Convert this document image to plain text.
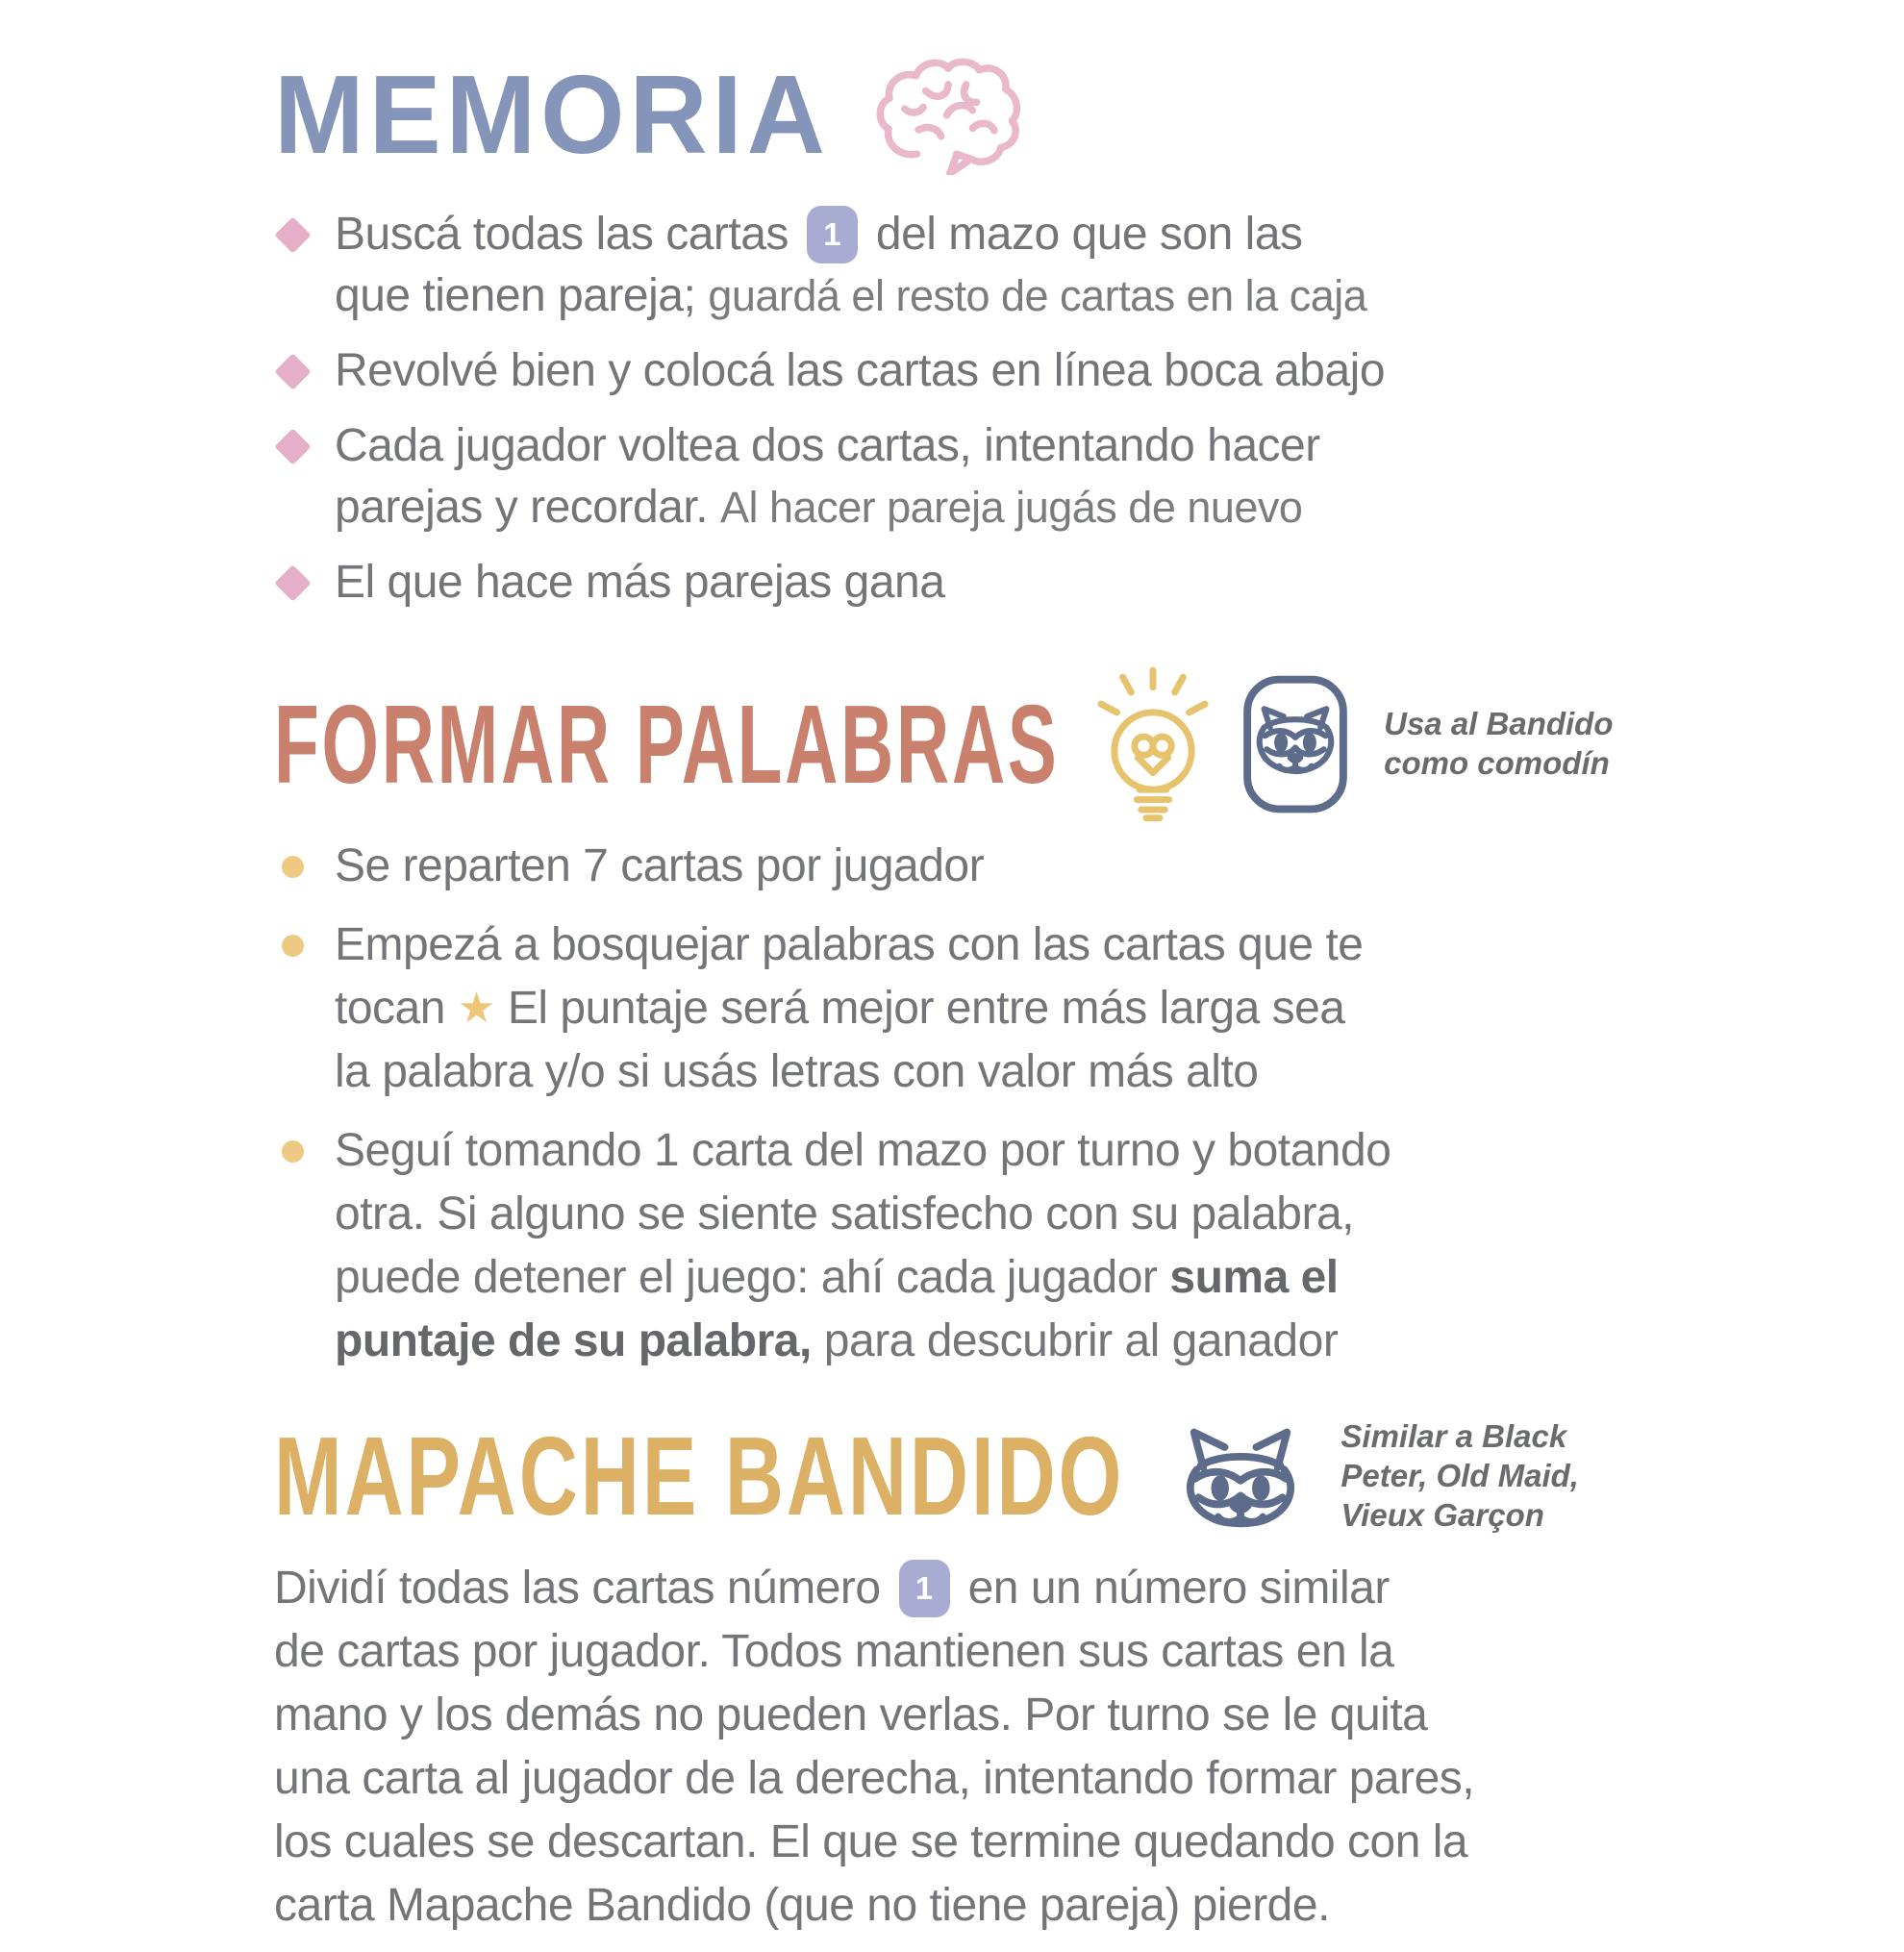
MEMORIA
Buscá todas las cartas	1 del mazo que son las
que tienen pareja; guardá el resto de cartas en la caja
Revolvé bien y colocá las cartas en línea boca abajo
Cada jugador voltea dos cartas, intentando hacer
parejas y recordar. Al hacer pareja jugás de nuevo
El que hace más parejas gana
FORMAR PALABRAS	Usa al Bandido
como comodín
Se reparten 7 cartas por jugador
Empezá a bosquejar palabras con las cartas que te
tocan ★ El puntaje será mejor entre más larga sea
la palabra y/o si usás letras con valor más alto
Seguí tomando 1 carta del mazo por turno y botando
otra. Si alguno se siente satisfecho con su palabra,
puede detener el juego: ahí cada jugador suma el
puntaje de su palabra, para descubrir al ganador
MAPACHE BANDIDO	Similar a Black
Peter, Old Maid,
Vieux Garçon
Dividí todas las cartas número	1 en un número similar
de cartas por jugador. Todos mantienen sus cartas en la
mano y los demás no pueden verlas. Por turno se le quita
una carta al jugador de la derecha, intentando formar pares,
los cuales se descartan. El que se termine quedando con la
carta Mapache Bandido (que no tiene pareja) pierde.
